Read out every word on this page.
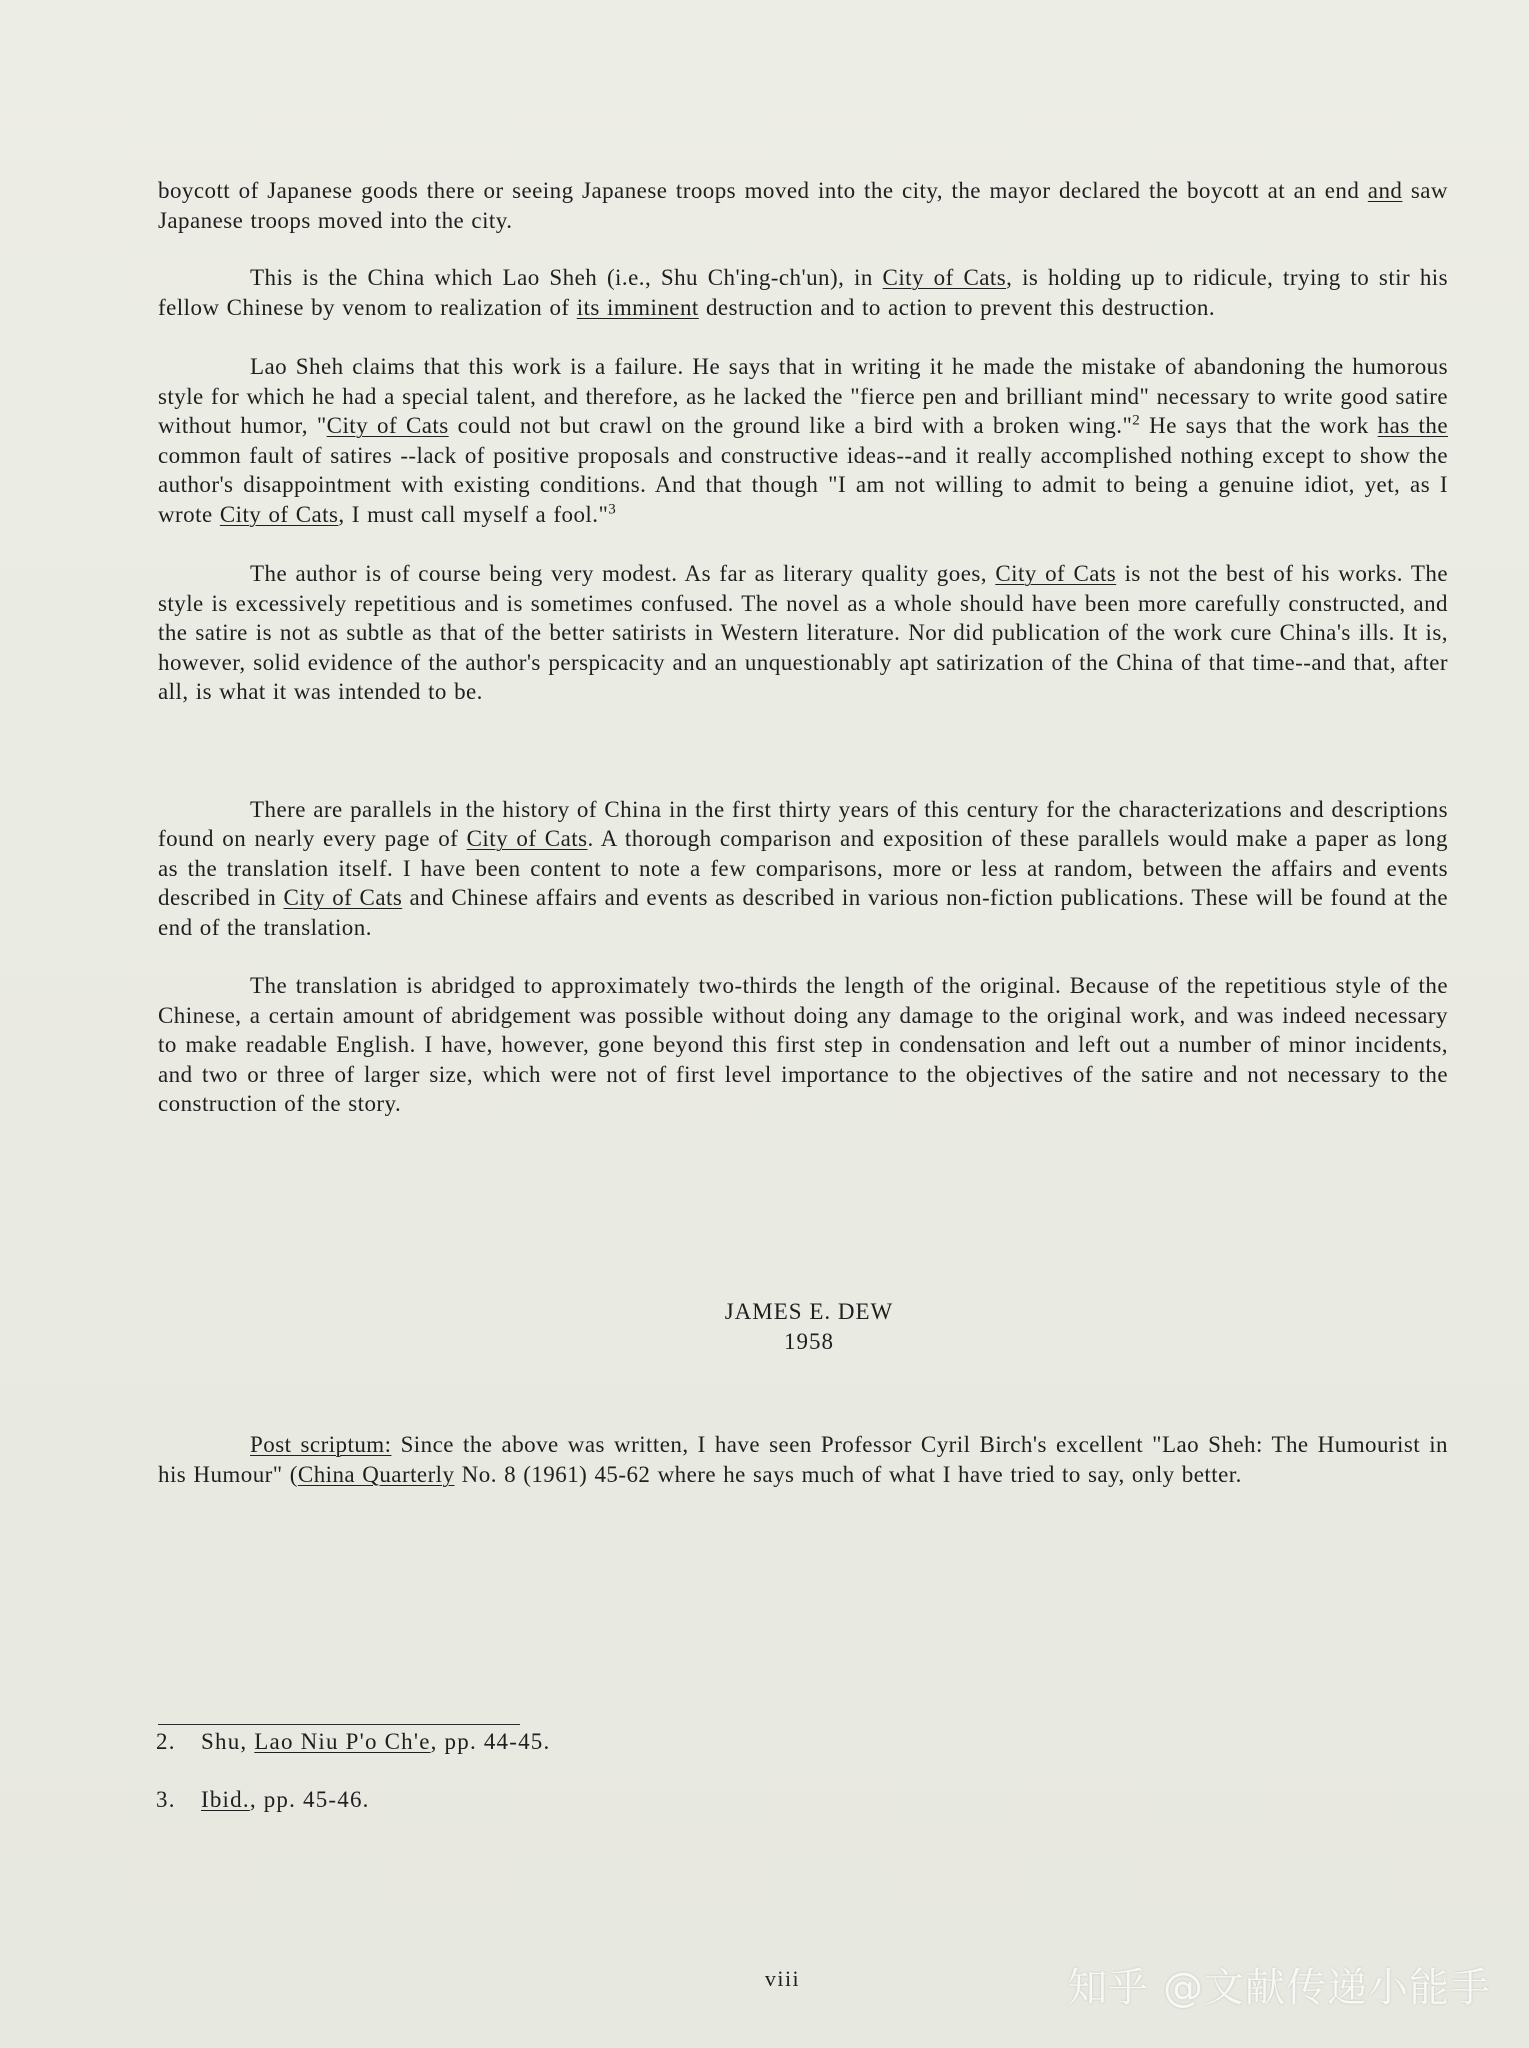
boycott of Japanese goods there or seeing Japanese troops moved into the city, the mayor declared the boycott at an end and saw Japanese troops moved into the city.

This is the China which Lao Sheh (i.e., Shu Ch'ing-ch'un), in City of Cats, is holding up to ridicule, trying to stir his fellow Chinese by venom to realization of its imminent destruction and to action to prevent this destruction.

Lao Sheh claims that this work is a failure. He says that in writing it he made the mistake of abandoning the humorous style for which he had a special talent, and therefore, as he lacked the "fierce pen and brilliant mind" necessary to write good satire without humor, "City of Cats could not but crawl on the ground like a bird with a broken wing."$^2$ He says that the work has the common fault of satires --lack of positive proposals and constructive ideas--and it really accomplished nothing except to show the author's disappointment with existing conditions. And that though "I am not willing to admit to being a genuine idiot, yet, as I wrote City of Cats, I must call myself a fool."$^3$

The author is of course being very modest. As far as literary quality goes, City of Cats is not the best of his works. The style is excessively repetitious and is sometimes confused. The novel as a whole should have been more carefully constructed, and the satire is not as subtle as that of the better satirists in Western literature. Nor did publication of the work cure China's ills. It is, however, solid evidence of the author's perspicacity and an unquestionably apt satirization of the China of that time--and that, after all, is what it was intended to be.

There are parallels in the history of China in the first thirty years of this century for the characterizations and descriptions found on nearly every page of City of Cats. A thorough comparison and exposition of these parallels would make a paper as long as the translation itself. I have been content to note a few comparisons, more or less at random, between the affairs and events described in City of Cats and Chinese affairs and events as described in various non-fiction publications. These will be found at the end of the translation.

The translation is abridged to approximately two-thirds the length of the original. Because of the repetitious style of the Chinese, a certain amount of abridgement was possible without doing any damage to the original work, and was indeed necessary to make readable English. I have, however, gone beyond this first step in condensation and left out a number of minor incidents, and two or three of larger size, which were not of first level importance to the objectives of the satire and not necessary to the construction of the story.

JAMES E. DEW
1958

Post scriptum: Since the above was written, I have seen Professor Cyril Birch's excellent "Lao Sheh: The Humourist in his Humour" (China Quarterly No. 8 (1961) 45-62 where he says much of what I have tried to say, only better.

2. Shu, Lao Niu P'o Ch'e, pp. 44-45.
3. Ibid., pp. 45-46.
viii	知乎 @文献传递小能手
